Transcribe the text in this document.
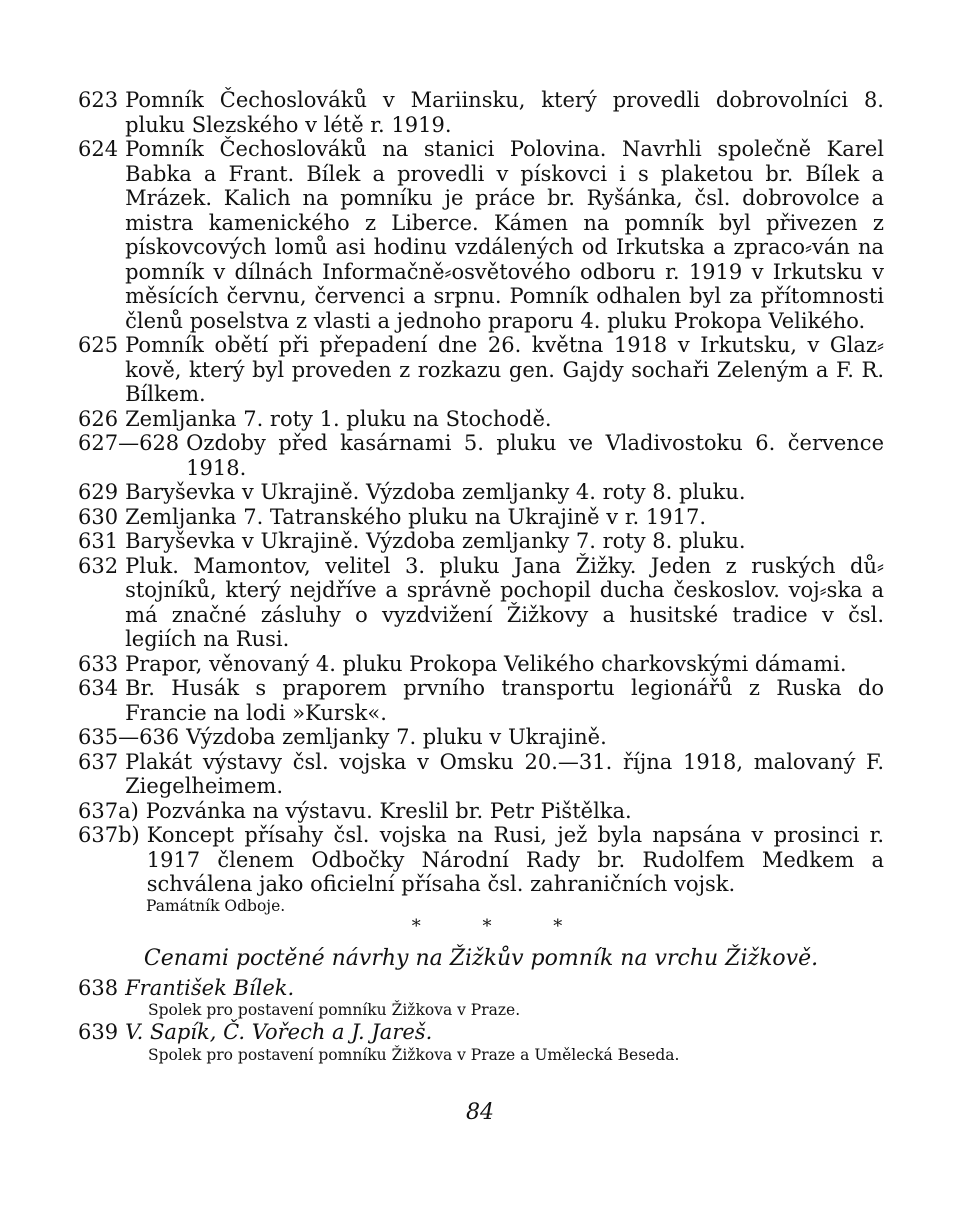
623 Pomník Čechoslováků v Mariinsku, který provedli dobrovolníci 8. pluku Slezského v létě r. 1919.
624 Pomník Čechoslováků na stanici Polovina. Navrhli společně Karel Babka a Frant. Bílek a provedli v pískovci i s plaketou br. Bílek a Mrázek. Kalich na pomníku je práce br. Ryšánka, čsl. dobrovolce a mistra kamenického z Liberce. Kámen na pomník byl přivezen z pískovcových lomů asi hodinu vzdálených od Irkutska a zpraco⸗ván na pomník v dílnách Informačně⸗osvětového odboru r. 1919 v Irkutsku v měsících červnu, červenci a srpnu. Pomník odhalen byl za přítomnosti členů poselstva z vlasti a jednoho praporu 4. pluku Prokopa Velikého.
625 Pomník obětí při přepadení dne 26. května 1918 v Irkutsku, v Glaz⸗kově, který byl proveden z rozkazu gen. Gajdy sochaři Zeleným a F. R. Bílkem.
626 Zemljanka 7. roty 1. pluku na Stochodě.
627—628 Ozdoby před kasárnami 5. pluku ve Vladivostoku 6. července 1918.
629 Baryševka v Ukrajině. Výzdoba zemljanky 4. roty 8. pluku.
630 Zemljanka 7. Tatranského pluku na Ukrajině v r. 1917.
631 Baryševka v Ukrajině. Výzdoba zemljanky 7. roty 8. pluku.
632 Pluk. Mamontov, velitel 3. pluku Jana Žižky. Jeden z ruských dů⸗stojníků, který nejdříve a správně pochopil ducha českoslov. voj⸗ska a má značné zásluhy o vyzdvižení Žižkovy a husitské tradice v čsl. legiích na Rusi.
633 Prapor, věnovaný 4. pluku Prokopa Velikého charkovskými dámami.
634 Br. Husák s praporem prvního transportu legionářů z Ruska do Francie na lodi »Kursk«.
635—636 Výzdoba zemljanky 7. pluku v Ukrajině.
637 Plakát výstavy čsl. vojska v Omsku 20.—31. října 1918, malovaný F. Ziegelheimem.
637a) Pozvánka na výstavu. Kreslil br. Petr Pištělka.
637b) Koncept přísahy čsl. vojska na Rusi, jež byla napsána v prosinci r. 1917 členem Odbočky Národní Rady br. Rudolfem Medkem a schválena jako oficielní přísaha čsl. zahraničních vojsk.
Památník Odboje.
* * *
Cenami poctěné návrhy na Žižkův pomník na vrchu Žižkově.
638 František Bílek.
Spolek pro postavení pomníku Žižkova v Praze.
639 V. Sapík, Č. Vořech a J. Jareš.
Spolek pro postavení pomníku Žižkova v Praze a Umělecká Beseda.
84
